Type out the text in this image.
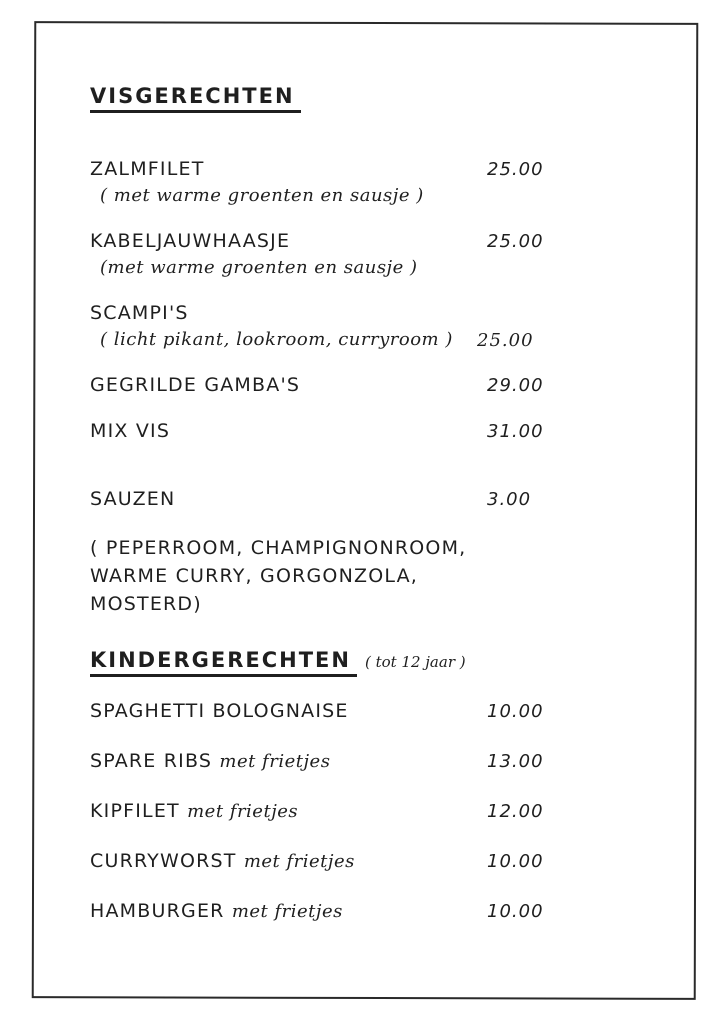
VISGERECHTEN
ZALMFILET	25.00
( met warme groenten en sausje )
KABELJAUWHAASJE	25.00
(met warme groenten en sausje )
SCAMPI'S
( licht pikant, lookroom, curryroom ) 25.00
GEGRILDE GAMBA'S	29.00
MIX VIS	31.00
SAUZEN	3.00
( PEPERROOM, CHAMPIGNONROOM,
WARME CURRY, GORGONZOLA,
MOSTERD)
KINDERGERECHTEN ( tot 12 jaar )
SPAGHETTI BOLOGNAISE	10.00
SPARE RIBS met frietjes	13.00
KIPFILET met frietjes	12.00
CURRYWORST met frietjes	10.00
HAMBURGER met frietjes	10.00
